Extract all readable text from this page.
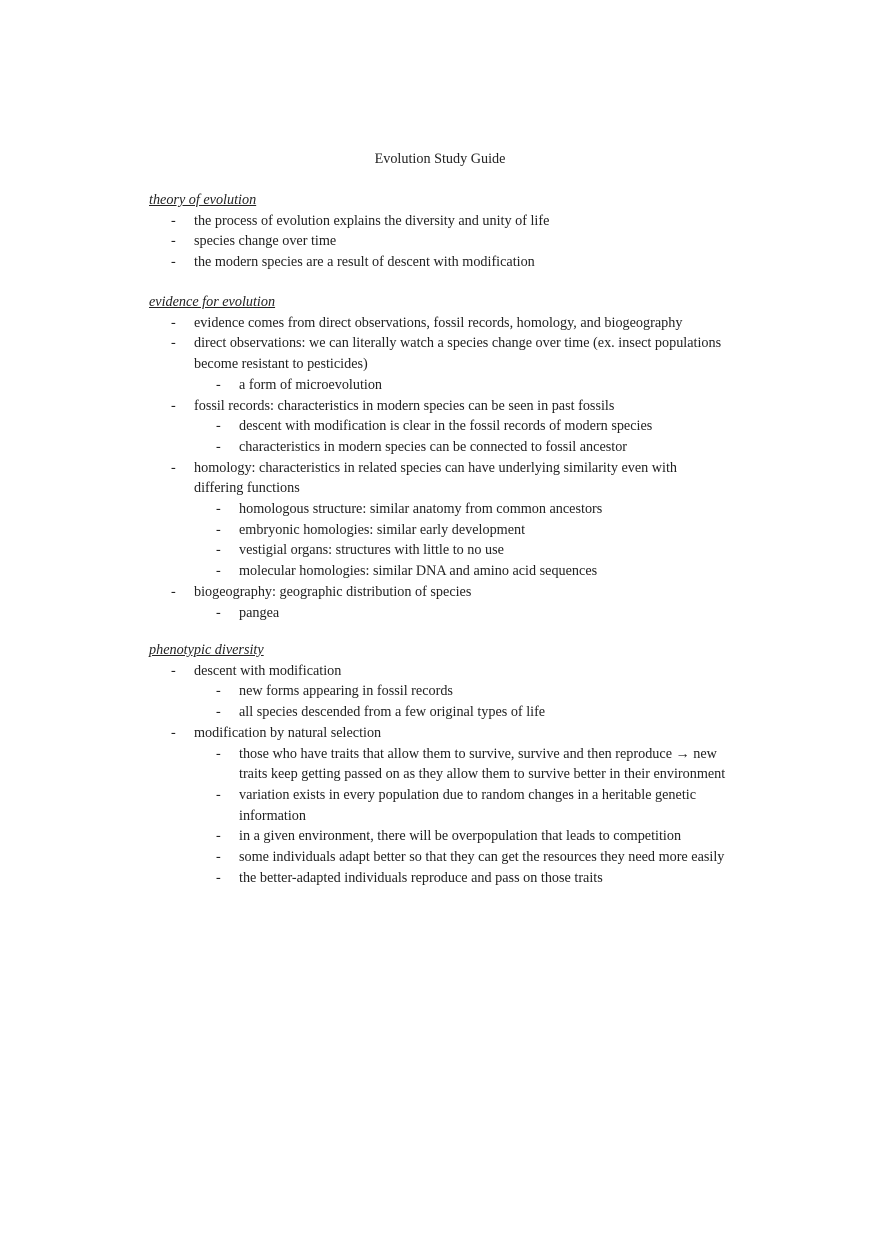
Evolution Study Guide
theory of evolution
-	the process of evolution explains the diversity and unity of life
-	species change over time
-	the modern species are a result of descent with modification
evidence for evolution
-	evidence comes from direct observations, fossil records, homology, and biogeography
-	direct observations: we can literally watch a species change over time (ex. insect populations become resistant to pesticides)
-	a form of microevolution
-	fossil records: characteristics in modern species can be seen in past fossils
-	descent with modification is clear in the fossil records of modern species
-	characteristics in modern species can be connected to fossil ancestor
-	homology: characteristics in related species can have underlying similarity even with differing functions
-	homologous structure: similar anatomy from common ancestors
-	embryonic homologies: similar early development
-	vestigial organs: structures with little to no use
-	molecular homologies: similar DNA and amino acid sequences
-	biogeography: geographic distribution of species
-	pangea
phenotypic diversity
-	descent with modification
-	new forms appearing in fossil records
-	all species descended from a few original types of life
-	modification by natural selection
-	those who have traits that allow them to survive, survive and then reproduce → new traits keep getting passed on as they allow them to survive better in their environment
-	variation exists in every population due to random changes in a heritable genetic information
-	in a given environment, there will be overpopulation that leads to competition
-	some individuals adapt better so that they can get the resources they need more easily
-	the better-adapted individuals reproduce and pass on those traits
